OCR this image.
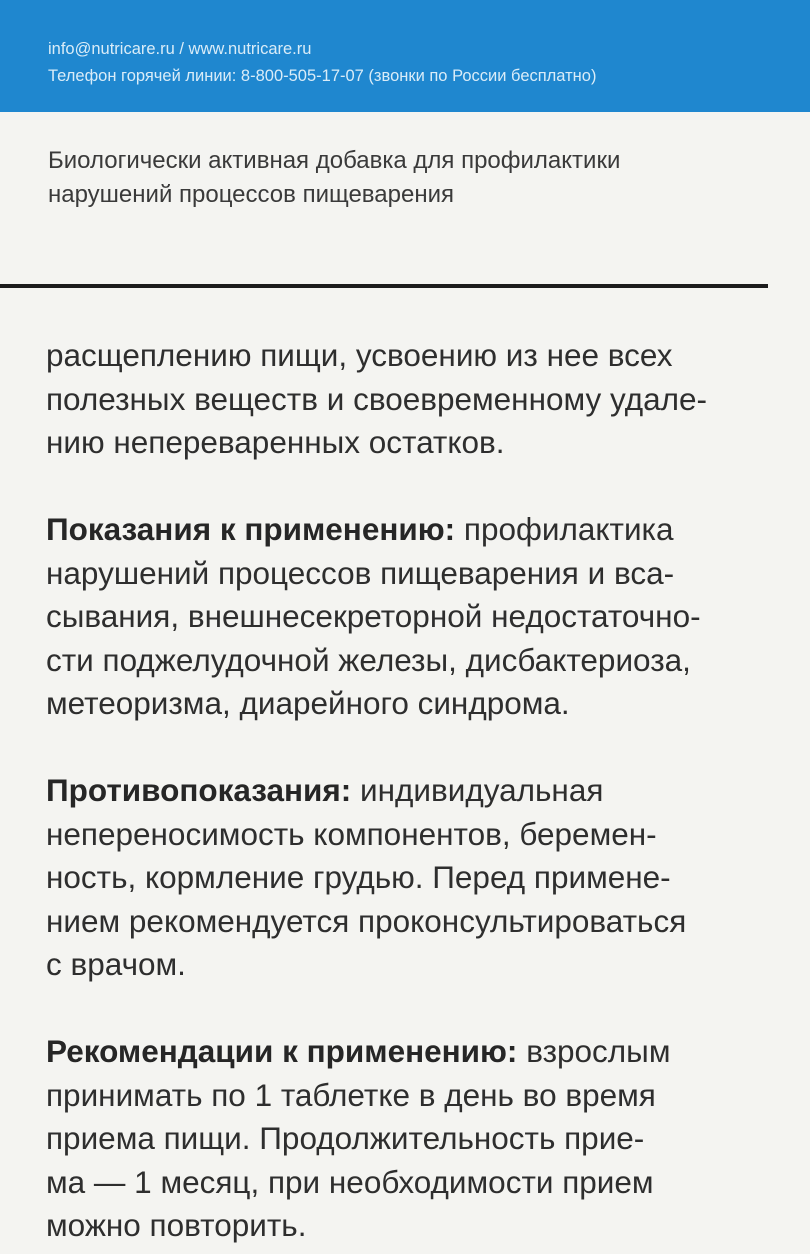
info@nutricare.ru / www.nutricare.ru
Телефон горячей линии: 8-800-505-17-07 (звонки по России бесплатно)
Биологически активная добавка для профилактики
нарушений процессов пищеварения
расщеплению пищи, усвоению из нее всех
полезных веществ и своевременному удале-
нию непереваренных остатков.
Показания к применению: профилактика
нарушений процессов пищеварения и вса-
сывания, внешнесекреторной недостаточно-
сти поджелудочной железы, дисбактериоза,
метеоризма, диарейного синдрома.
Противопоказания: индивидуальная
непереносимость компонентов, беремен-
ность, кормление грудью. Перед примене-
нием рекомендуется проконсультироваться
с врачом.
Рекомендации к применению: взрослым
принимать по 1 таблетке в день во время
приема пищи. Продолжительность прие-
ма — 1 месяц, при необходимости прием
можно повторить.
